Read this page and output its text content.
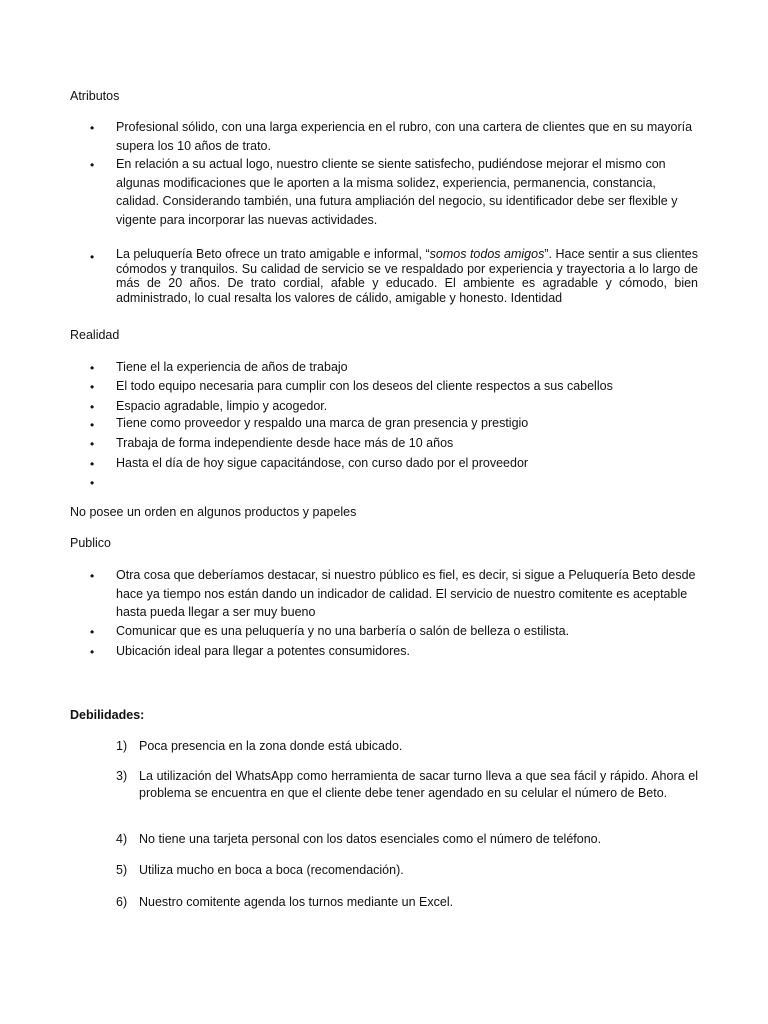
Atributos
• Profesional sólido, con una larga experiencia en el rubro, con una cartera de clientes que en su mayoría supera los 10 años de trato.
• En relación a su actual logo, nuestro cliente se siente satisfecho, pudiéndose mejorar el mismo con algunas modificaciones que le aporten a la misma solidez, experiencia, permanencia, constancia, calidad. Considerando también, una futura ampliación del negocio, su identificador debe ser flexible y vigente para incorporar las nuevas actividades.
• La peluquería Beto ofrece un trato amigable e informal, “somos todos amigos”. Hace sentir a sus clientes cómodos y tranquilos. Su calidad de servicio se ve respaldado por experiencia y trayectoria a lo largo de más de 20 años. De trato cordial, afable y educado. El ambiente es agradable y cómodo, bien administrado, lo cual resalta los valores de cálido, amigable y honesto. Identidad
Realidad
• Tiene el la experiencia de años de trabajo
• El todo equipo necesaria para cumplir con los deseos del cliente respectos a sus cabellos
• Espacio agradable, limpio y acogedor.
• Tiene como proveedor y respaldo una marca de gran presencia y prestigio
• Trabaja de forma independiente desde hace más de 10 años
• Hasta el día de hoy sigue capacitándose, con curso dado por el proveedor
•
No posee un orden en algunos productos y papeles
Publico
• Otra cosa que deberíamos destacar, si nuestro público es fiel, es decir, si sigue a Peluquería Beto desde hace ya tiempo nos están dando un indicador de calidad. El servicio de nuestro comitente es aceptable hasta pueda llegar a ser muy bueno
• Comunicar que es una peluquería y no una barbería o salón de belleza o estilista.
• Ubicación ideal para llegar a potentes consumidores.
Debilidades:
1) Poca presencia en la zona donde está ubicado.
3) La utilización del WhatsApp como herramienta de sacar turno lleva a que sea fácil y rápido. Ahora el problema se encuentra en que el cliente debe tener agendado en su celular el número de Beto.
4) No tiene una tarjeta personal con los datos esenciales como el número de teléfono.
5) Utiliza mucho en boca a boca (recomendación).
6) Nuestro comitente agenda los turnos mediante un Excel.
